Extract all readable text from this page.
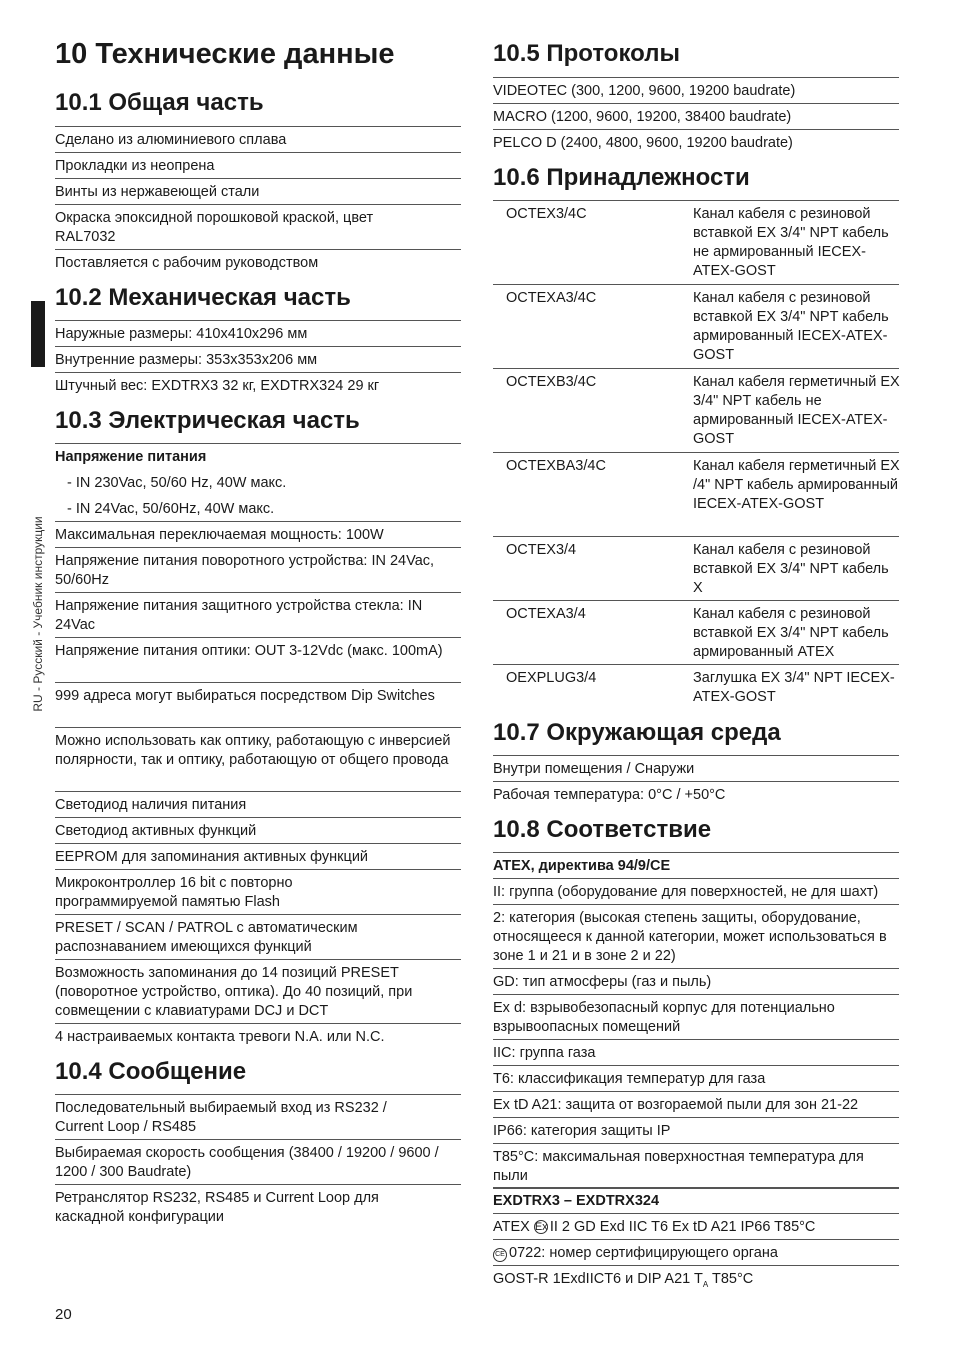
RU - Русский - Учебник инструкции
10 Технические данные
10.1 Общая часть
Сделано из алюминиевого сплава
Прокладки из неопрена
Винты из нержавеющей стали
Окраска эпоксидной порошковой краской, цвет RAL7032
Поставляется с рабочим руководством
10.2 Механическая часть
Наружные размеры: 410x410x296 мм
Внутренние размеры: 353x353x206 мм
Штучный вес: EXDTRX3 32 кг, EXDTRX324 29 кг
10.3 Электрическая часть
Напряжение питания
- IN 230Vac, 50/60 Hz, 40W макс.
- IN 24Vac, 50/60Hz, 40W макс.
Максимальная переключаемая мощность: 100W
Напряжение питания поворотного устройства: IN 24Vac, 50/60Hz
Напряжение питания защитного устройства стекла: IN 24Vac
Напряжение питания оптики: OUT 3-12Vdc (макс. 100mA)
999 адреса могут выбираться посредством Dip Switches
Можно использовать как оптику, работающую с инверсией полярности, так и оптику, работающую от общего провода
Светодиод наличия питания
Светодиод активных функций
EEPROM для запоминания активных функций
Микроконтроллер 16 bit с повторно программируемой памятью Flash
PRESET / SCAN / PATROL с автоматическим распознаванием имеющихся функций
Возможность запоминания до 14 позиций PRESET (поворотное устройство, оптика). До 40 позиций, при совмещении с клавиатурами DCJ и DCT
4 настраиваемых контакта тревоги N.A. или N.C.
10.4 Сообщение
Последовательный выбираемый вход из RS232 / Current Loop / RS485
Выбираемая скорость сообщения (38400 / 19200 / 9600 / 1200 / 300 Baudrate)
Ретранслятор RS232, RS485 и Current Loop для каскадной конфигурации
10.5 Протоколы
VIDEOTEC (300, 1200, 9600, 19200 baudrate)
MACRO (1200, 9600, 19200, 38400 baudrate)
PELCO D (2400, 4800, 9600, 19200 baudrate)
10.6 Принадлежности
OCTEX3/4C	Канал кабеля с резиновой вставкой EX 3/4" NPT кабель не армированный IECEX-ATEX-GOST
OCTEXA3/4C	Канал кабеля с резиновой вставкой EX 3/4" NPT кабель армированный IECEX-ATEX-GOST
OCTEXB3/4C	Канал кабеля герметичный EX 3/4" NPT кабель не армированный IECEX-ATEX-GOST
OCTEXBA3/4C	Канал кабеля герметичный EX /4" NPT кабель армированный IECEX-ATEX-GOST
OCTEX3/4	Канал кабеля с резиновой вставкой EX 3/4" NPT кабель X
OCTEXA3/4	Канал кабеля с резиновой вставкой EX 3/4" NPT кабель армированный ATEX
OEXPLUG3/4	Заглушка EX 3/4" NPT IECEX-ATEX-GOST
10.7 Окружающая среда
Внутри помещения / Снаружи
Рабочая температура: 0°C / +50°C
10.8 Соответствие
ATEX, директива 94/9/CE
II: группа (оборудование для поверхностей, не для шахт)
2: категория (высокая степень защиты, оборудование, относящееся к данной категории, может использоваться в зоне 1 и 21 и в зоне 2 и 22)
GD: тип атмосферы (газ и пыль)
Ex d: взрывобезопасный корпус для потенциально взрывоопасных помещений
IIC: группа газа
T6: классификация температур для газа
Ex tD A21: защита от возгораемой пыли для зон 21-22
IP66: категория защиты IP
T85°C: максимальная поверхностная температура для пыли
EXDTRX3 – EXDTRX324
ATEX Ex II 2 GD Exd IIC T6 Ex tD A21 IP66 T85°C
CE 0722: номер сертифицирующего органа
GOST-R 1ExdIICT6 и DIP A21 $T_A$ T85°C
20
